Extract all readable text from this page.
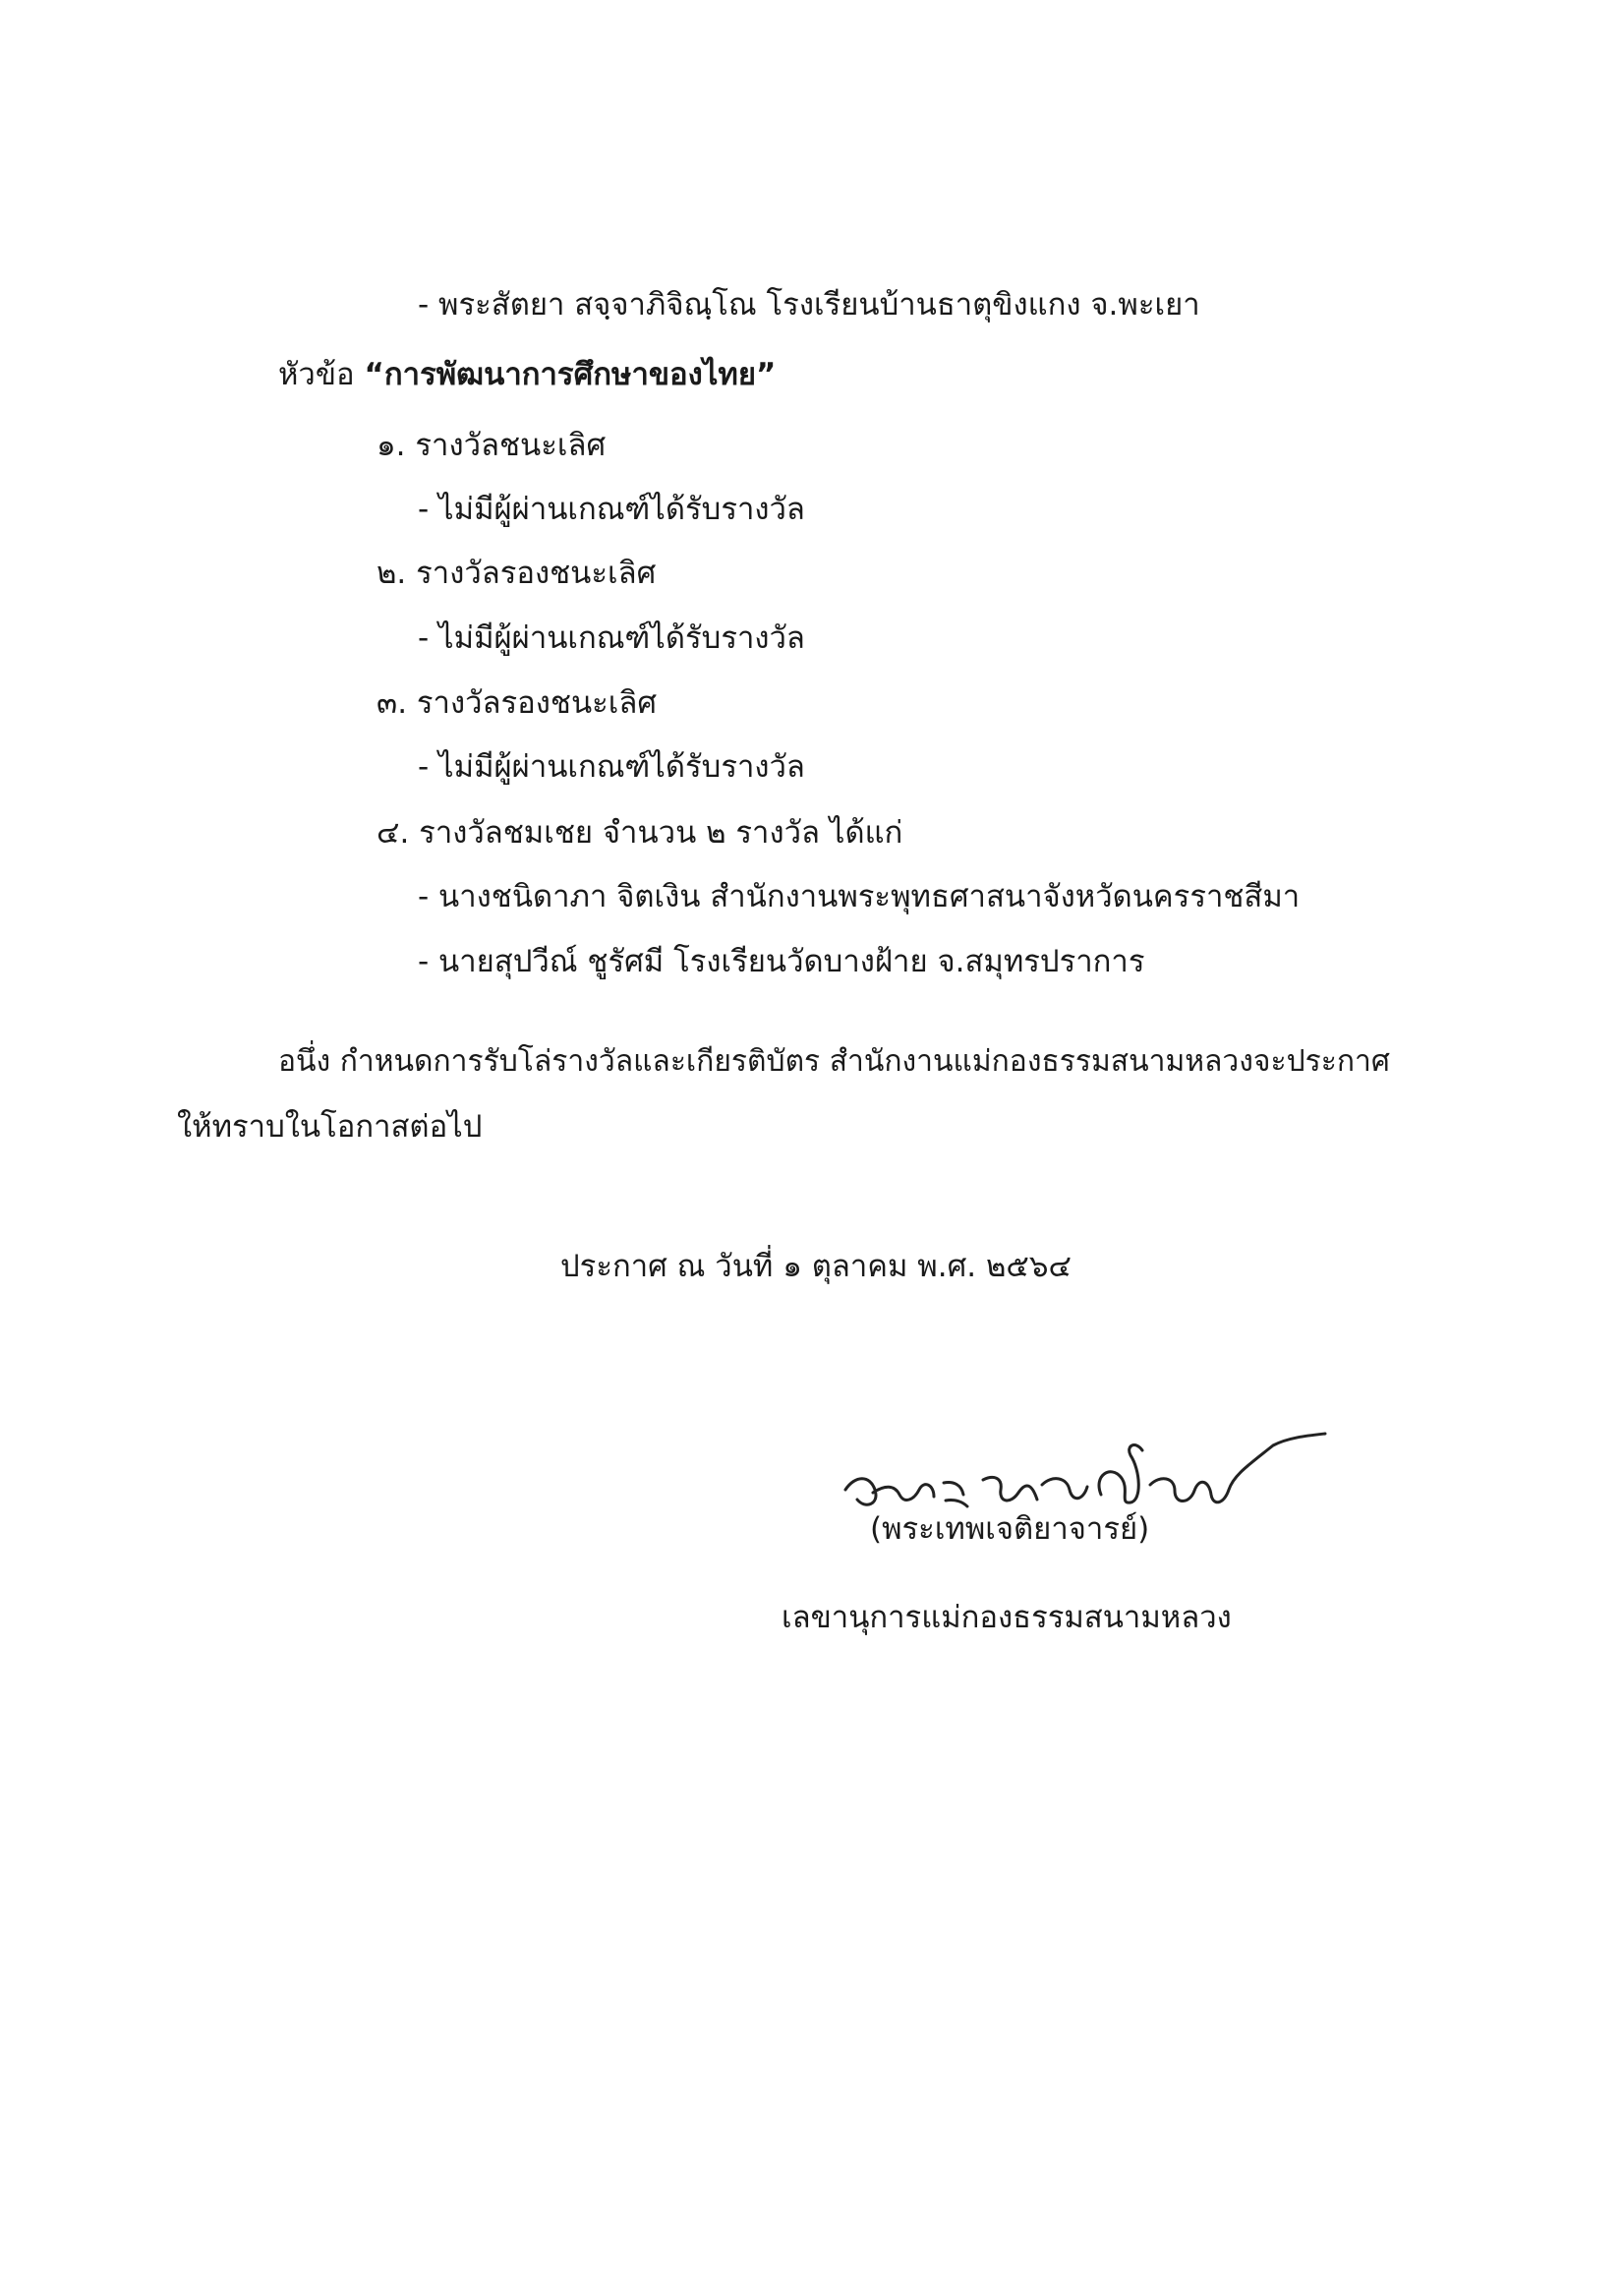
- พระสัตยา สจฺจาภิจิณฺโณ โรงเรียนบ้านธาตุขิงแกง จ.พะเยา
หัวข้อ “การพัฒนาการศึกษาของไทย”
๑. รางวัลชนะเลิศ
- ไม่มีผู้ผ่านเกณฑ์ได้รับรางวัล
๒. รางวัลรองชนะเลิศ
- ไม่มีผู้ผ่านเกณฑ์ได้รับรางวัล
๓. รางวัลรองชนะเลิศ
- ไม่มีผู้ผ่านเกณฑ์ได้รับรางวัล
๔. รางวัลชมเชย จำนวน ๒ รางวัล ได้แก่
- นางชนิดาภา จิตเงิน สำนักงานพระพุทธศาสนาจังหวัดนครราชสีมา
- นายสุปวีณ์ ชูรัศมี โรงเรียนวัดบางฝ้าย จ.สมุทรปราการ
อนึ่ง กำหนดการรับโล่รางวัลและเกียรติบัตร สำนักงานแม่กองธรรมสนามหลวงจะประกาศ
ให้ทราบในโอกาสต่อไป
ประกาศ ณ วันที่ ๑ ตุลาคม พ.ศ. ๒๕๖๔
(พระเทพเจติยาจารย์)
เลขานุการแม่กองธรรมสนามหลวง
